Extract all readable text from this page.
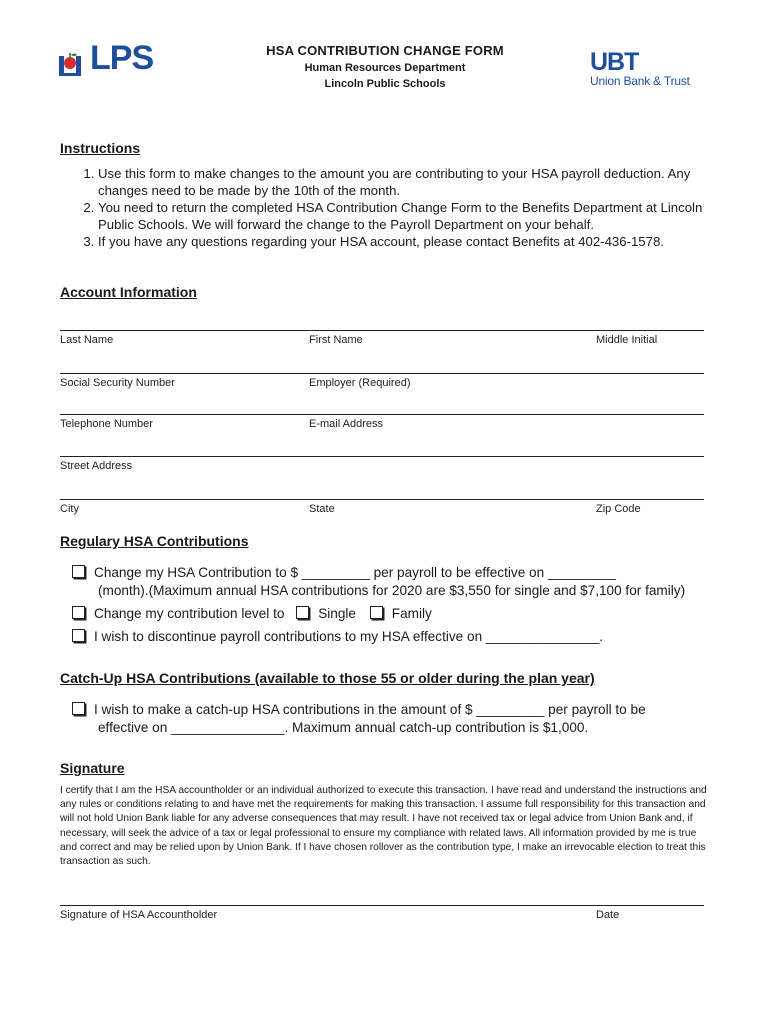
LPS	HSA CONTRIBUTION CHANGE FORM
Human Resources Department
Lincoln Public Schools
UBT
Union Bank & Trust
Instructions
1. Use this form to make changes to the amount you are contributing to your HSA payroll deduction. Any changes need to be made by the 10th of the month.
2. You need to return the completed HSA Contribution Change Form to the Benefits Department at Lincoln Public Schools. We will forward the change to the Payroll Department on your behalf.
3. If you have any questions regarding your HSA account, please contact Benefits at 402-436-1578.
Account Information
Last Name	First Name	Middle Initial
Social Security Number	Employer (Required)
Telephone Number	E-mail Address
Street Address
City	State	Zip Code
Regulary HSA Contributions
Change my HSA Contribution to $ _________ per payroll to be effective on _________
(month).(Maximum annual HSA contributions for 2020 are $3,550 for single and $7,100 for family)
Change my contribution level to Single	Family
I wish to discontinue payroll contributions to my HSA effective on _______________.
Catch-Up HSA Contributions (available to those 55 or older during the plan year)
I wish to make a catch-up HSA contributions in the amount of $ _________ per payroll to be
effective on _______________. Maximum annual catch-up contribution is $1,000.
Signature
I certify that I am the HSA accountholder or an individual authorized to execute this transaction. I have read and understand the instructions and any rules or conditions relating to and have met the requirements for making this transaction. I assume full responsibility for this transaction and will not hold Union Bank liable for any adverse consequences that may result. I have not received tax or legal advice from Union Bank and, if necessary, will seek the advice of a tax or legal professional to ensure my compliance with related laws. All information provided by me is true and correct and may be relied upon by Union Bank. If I have chosen rollover as the contribution type, I make an irrevocable election to treat this transaction as such.
Signature of HSA Accountholder	Date
